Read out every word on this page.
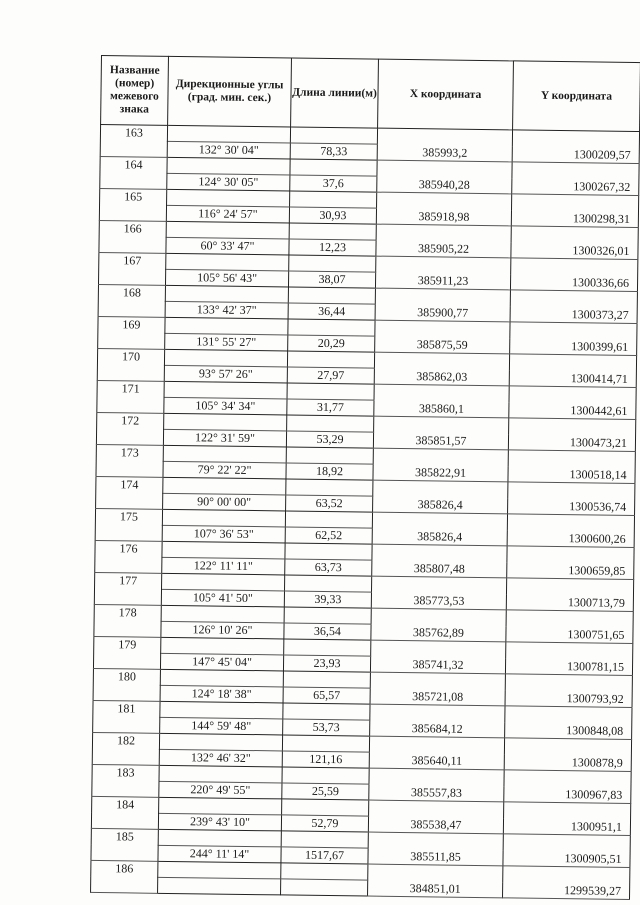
Название (номер) межевого знака	Дирекционные углы (град. мин. сек.)	Длина линии(м)	X координата	Y координата
163			385993,2	1300209,57
	132° 30' 04"	78,33		
164			385940,28	1300267,32
	124° 30' 05"	37,6		
165			385918,98	1300298,31
	116° 24' 57"	30,93		
166			385905,22	1300326,01
	60° 33' 47"	12,23		
167			385911,23	1300336,66
	105° 56' 43"	38,07		
168			385900,77	1300373,27
	133° 42' 37"	36,44		
169			385875,59	1300399,61
	131° 55' 27"	20,29		
170			385862,03	1300414,71
	93° 57' 26"	27,97		
171			385860,1	1300442,61
	105° 34' 34"	31,77		
172			385851,57	1300473,21
	122° 31' 59"	53,29		
173			385822,91	1300518,14
	79° 22' 22"	18,92		
174			385826,4	1300536,74
	90° 00' 00"	63,52		
175			385826,4	1300600,26
	107° 36' 53"	62,52		
176			385807,48	1300659,85
	122° 11' 11"	63,73		
177			385773,53	1300713,79
	105° 41' 50"	39,33		
178			385762,89	1300751,65
	126° 10' 26"	36,54		
179			385741,32	1300781,15
	147° 45' 04"	23,93		
180			385721,08	1300793,92
	124° 18' 38"	65,57		
181			385684,12	1300848,08
	144° 59' 48"	53,73		
182			385640,11	1300878,9
	132° 46' 32"	121,16		
183			385557,83	1300967,83
	220° 49' 55"	25,59		
184			385538,47	1300951,1
	239° 43' 10"	52,79		
185			385511,85	1300905,51
	244° 11' 14"	1517,67		
186			384851,01	1299539,27
